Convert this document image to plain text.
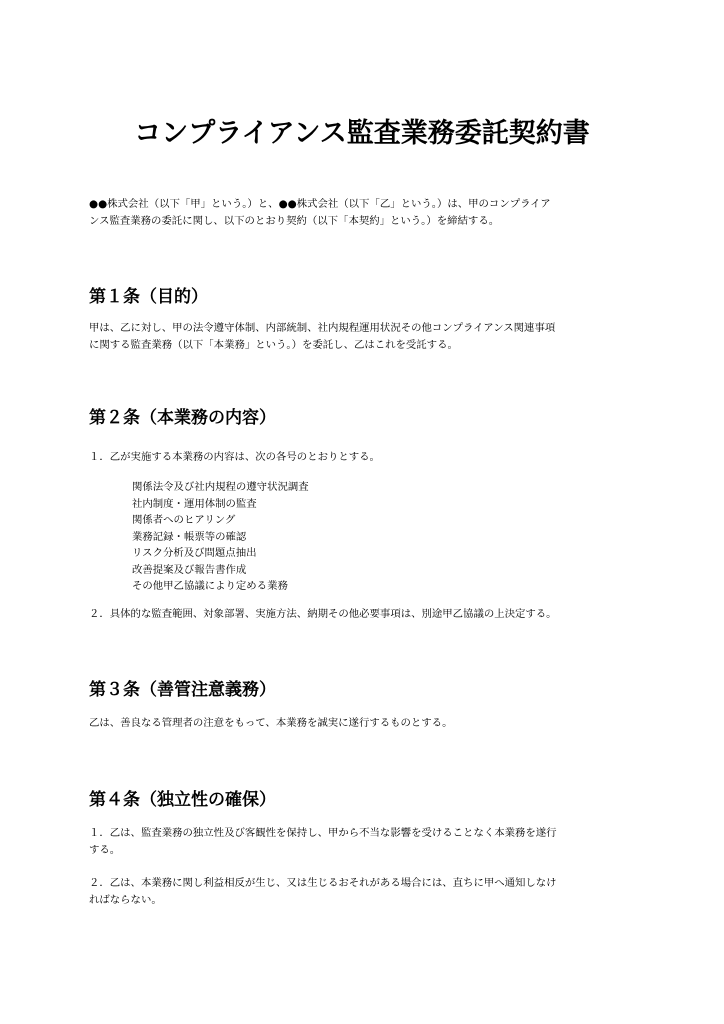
コンプライアンス監査業務委託契約書
●●株式会社（以下「甲」という。）と、●●株式会社（以下「乙」という。）は、甲のコンプライア
ンス監査業務の委託に関し、以下のとおり契約（以下「本契約」という。）を締結する。
第１条（目的）
甲は、乙に対し、甲の法令遵守体制、内部統制、社内規程運用状況その他コンプライアンス関連事項
に関する監査業務（以下「本業務」という。）を委託し、乙はこれを受託する。
第２条（本業務の内容）
１．乙が実施する本業務の内容は、次の各号のとおりとする。
関係法令及び社内規程の遵守状況調査
社内制度・運用体制の監査
関係者へのヒアリング
業務記録・帳票等の確認
リスク分析及び問題点抽出
改善提案及び報告書作成
その他甲乙協議により定める業務
２．具体的な監査範囲、対象部署、実施方法、納期その他必要事項は、別途甲乙協議の上決定する。
第３条（善管注意義務）
乙は、善良なる管理者の注意をもって、本業務を誠実に遂行するものとする。
第４条（独立性の確保）
１．乙は、監査業務の独立性及び客観性を保持し、甲から不当な影響を受けることなく本業務を遂行
する。
２．乙は、本業務に関し利益相反が生じ、又は生じるおそれがある場合には、直ちに甲へ通知しなけ
ればならない。
